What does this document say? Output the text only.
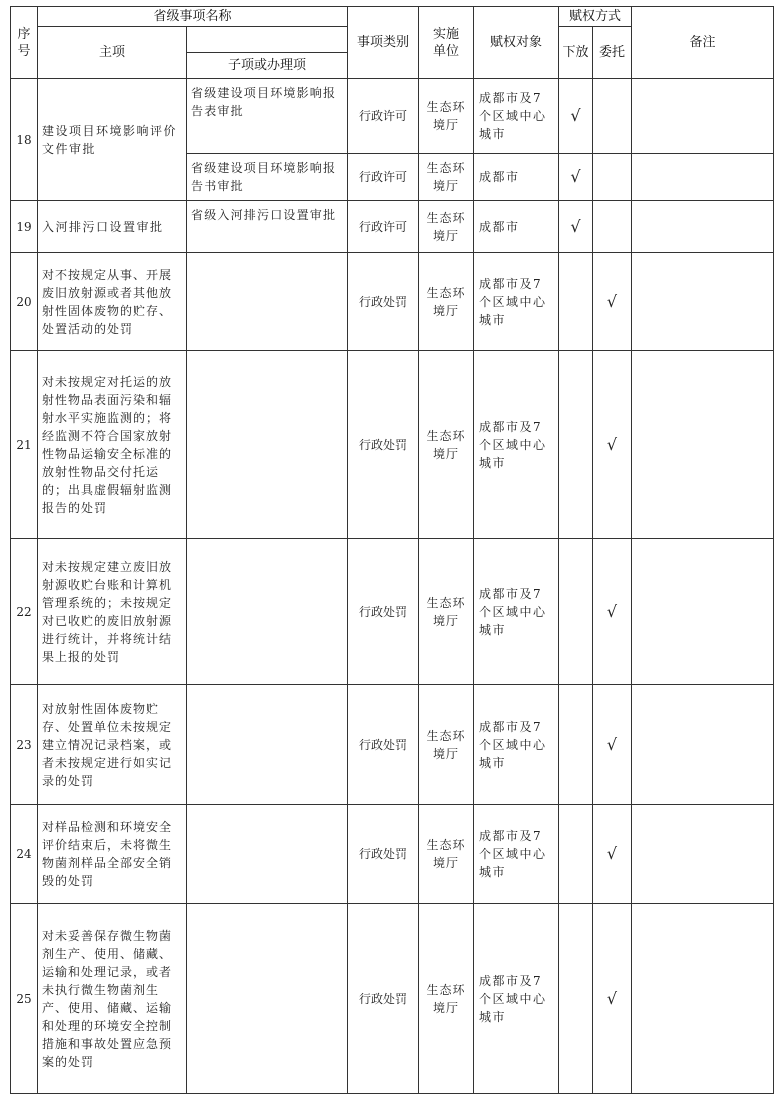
序号	省级事项名称		事项类别	实施单位	赋权对象	赋权方式		备注
	主项					下放	委托	
		子项或办理项						
18	建设项目环境影响评价文件审批	省级建设项目环境影响报告表审批	行政许可	生态环境厅	成都市及7个区域中心城市	√		
		省级建设项目环境影响报告书审批	行政许可	生态环境厅	成都市	√		
19	入河排污口设置审批	省级入河排污口设置审批	行政许可	生态环境厅	成都市	√		
20	对不按规定从事、开展废旧放射源或者其他放射性固体废物的贮存、处置活动的处罚		行政处罚	生态环境厅	成都市及7个区域中心城市		√	
21	对未按规定对托运的放射性物品表面污染和辐射水平实施监测的；将经监测不符合国家放射性物品运输安全标准的放射性物品交付托运的；出具虚假辐射监测报告的处罚		行政处罚	生态环境厅	成都市及7个区域中心城市		√	
22	对未按规定建立废旧放射源收贮台账和计算机管理系统的；未按规定对已收贮的废旧放射源进行统计，并将统计结果上报的处罚		行政处罚	生态环境厅	成都市及7个区域中心城市		√	
23	对放射性固体废物贮存、处置单位未按规定建立情况记录档案，或者未按规定进行如实记录的处罚		行政处罚	生态环境厅	成都市及7个区域中心城市		√	
24	对样品检测和环境安全评价结束后，未将微生物菌剂样品全部安全销毁的处罚		行政处罚	生态环境厅	成都市及7个区域中心城市		√	
25	对未妥善保存微生物菌剂生产、使用、储藏、运输和处理记录，或者未执行微生物菌剂生产、使用、储藏、运输和处理的环境安全控制措施和事故处置应急预案的处罚		行政处罚	生态环境厅	成都市及7个区域中心城市		√	
